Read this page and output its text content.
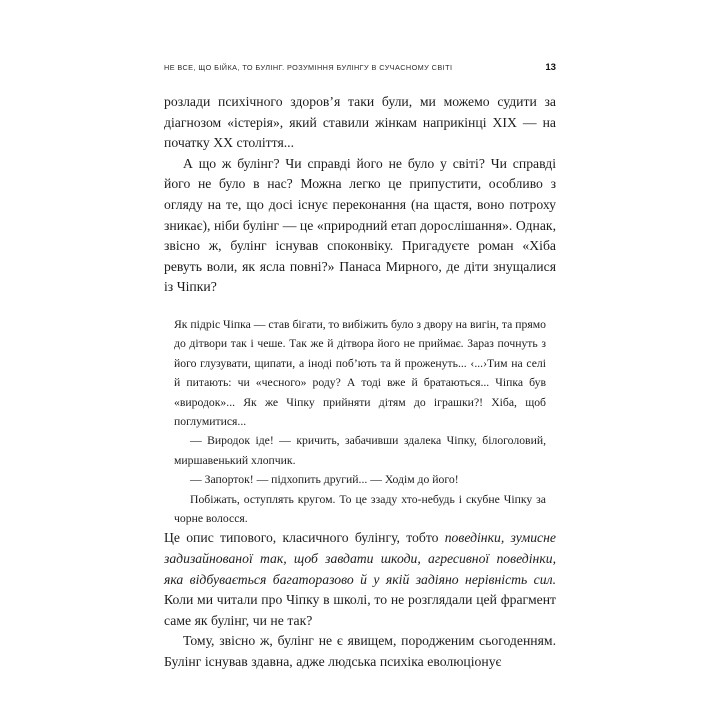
НЕ ВСЕ, ЩО БІЙКА, ТО БУЛІНГ. РОЗУМІННЯ БУЛІНГУ В СУЧАСНОМУ СВІТІ	13

розлади психічного здоров’я таки були, ми можемо судити за діагнозом «істерія», який ставили жінкам наприкінці XIX — на початку XX століття...

А що ж булінг? Чи справді його не було у світі? Чи справді його не було в нас? Можна легко це припустити, особливо з огляду на те, що досі існує переконання (на щастя, воно потроху зникає), ніби булінг — це «природний етап дорослішання». Однак, звісно ж, булінг існував споконвіку. Пригадуєте роман «Хіба ревуть воли, як ясла повні?» Панаса Мирного, де діти знущалися із Чіпки?

Як підріс Чіпка — став бігати, то вибіжить було з двору на вигін, та прямо до дітвори так і чеше. Так же й дітвора його не приймає. Зараз почнуть з його глузувати, щипати, а іноді поб’ють та й проженуть... ‹...›Тим на селі й питають: чи «чесного» роду? А тоді вже й братаються... Чіпка був «виродок»... Як же Чіпку прийняти дітям до іграшки?! Хіба, щоб поглумитися...

— Виродок іде! — кричить, забачивши здалека Чіпку, білоголовий, миршавенький хлопчик.

— Запорток! — підхопить другий... — Ходім до його!

Побіжать, оступлять кругом. То це ззаду хто-небудь і скубне Чіпку за чорне волосся.

Це опис типового, класичного булінгу, тобто поведінки, зумисне задизайнованої так, щоб завдати шкоди, агресивної поведінки, яка відбувається багаторазово й у якій задіяно нерівність сил. Коли ми читали про Чіпку в школі, то не розглядали цей фрагмент саме як булінг, чи не так?

Тому, звісно ж, булінг не є явищем, породженим сьогоденням. Булінг існував здавна, адже людська психіка еволюціонує
